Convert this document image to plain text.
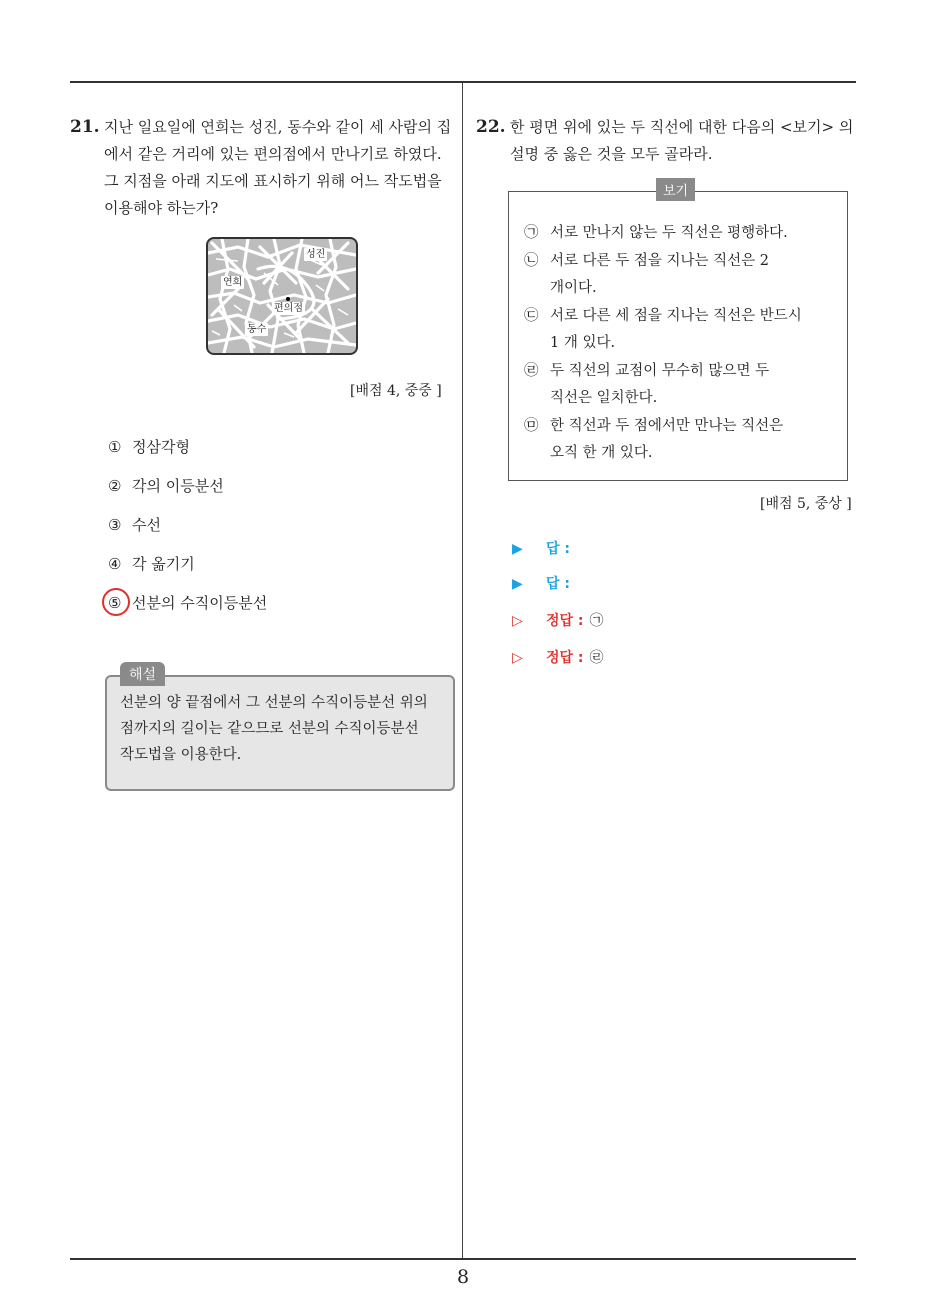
21. 지난 일요일에 연희는 성진, 동수와 같이 세 사람의 집
에서 같은 거리에 있는 편의점에서 만나기로 하였다.
그 지점을 아래 지도에 표시하기 위해 어느 작도법을
이용해야 하는가?
성진
연희
편의점
동수
[배점 4, 중중 ]
① 정삼각형
② 각의 이등분선
③ 수선
④ 각 옮기기
⑤ 선분의 수직이등분선
해설
선분의 양 끝점에서 그 선분의 수직이등분선 위의
점까지의 길이는 같으므로 선분의 수직이등분선
작도법을 이용한다.
22. 한 평면 위에 있는 두 직선에 대한 다음의 <보기> 의
설명 중 옳은 것을 모두 골라라.
보기
㉠ 서로 만나지 않는 두 직선은 평행하다.
㉡ 서로 다른 두 점을 지나는 직선은 2
개이다.
㉢ 서로 다른 세 점을 지나는 직선은 반드시
1 개 있다.
㉣ 두 직선의 교점이 무수히 많으면 두
직선은 일치한다.
㉤ 한 직선과 두 점에서만 만나는 직선은
오직 한 개 있다.
[배점 5, 중상 ]
▶ 답 :
▶ 답 :
▷ 정답 : ㉠
▷ 정답 : ㉣
8
